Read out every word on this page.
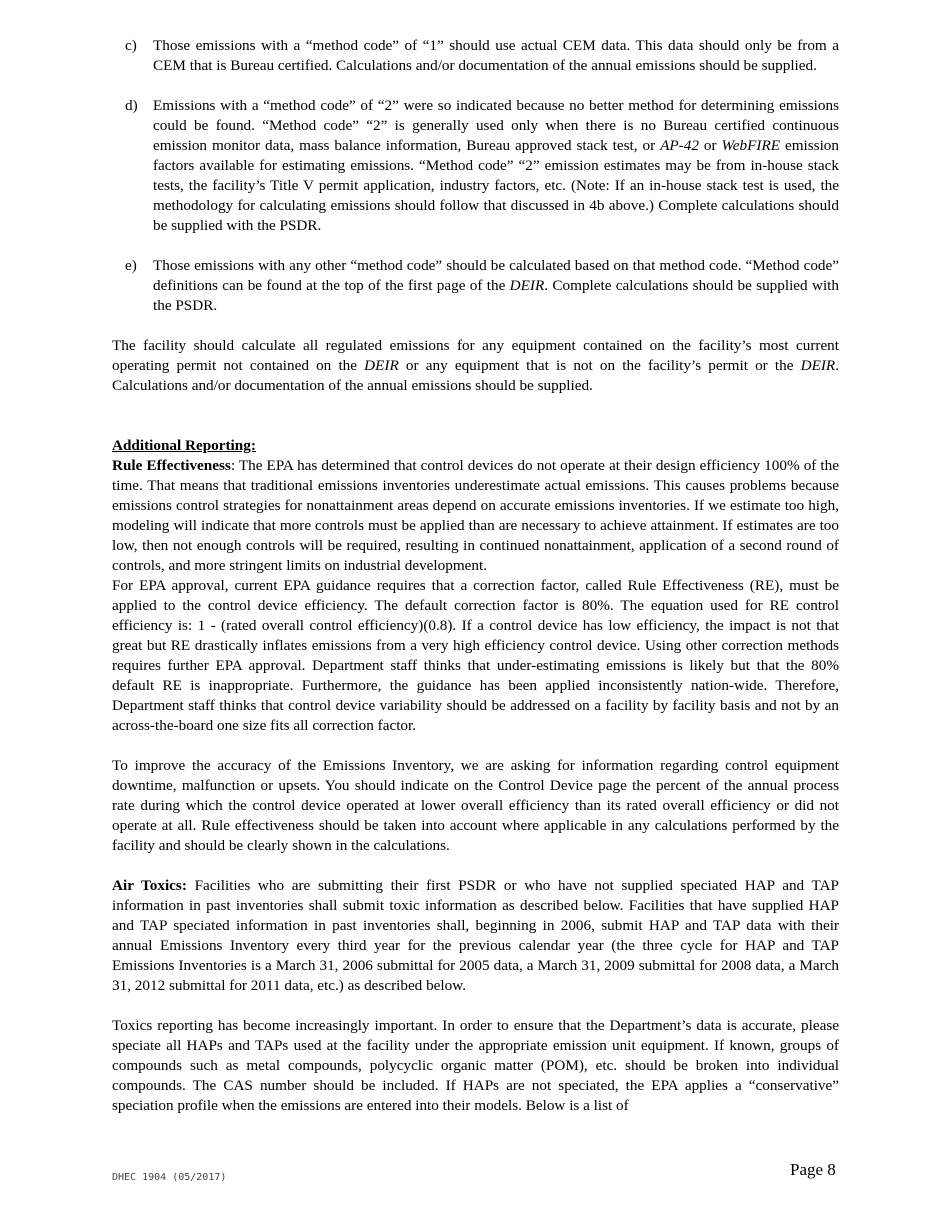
c)	Those emissions with a “method code” of “1” should use actual CEM data. This data should only be from a CEM that is Bureau certified. Calculations and/or documentation of the annual emissions should be supplied.
d)	Emissions with a “method code” of “2” were so indicated because no better method for determining emissions could be found. “Method code” “2” is generally used only when there is no Bureau certified continuous emission monitor data, mass balance information, Bureau approved stack test, or AP-42 or WebFIRE emission factors available for estimating emissions. “Method code” “2” emission estimates may be from in-house stack tests, the facility’s Title V permit application, industry factors, etc. (Note: If an in-house stack test is used, the methodology for calculating emissions should follow that discussed in 4b above.) Complete calculations should be supplied with the PSDR.
e)	Those emissions with any other “method code” should be calculated based on that method code. “Method code” definitions can be found at the top of the first page of the DEIR. Complete calculations should be supplied with the PSDR.

The facility should calculate all regulated emissions for any equipment contained on the facility’s most current operating permit not contained on the DEIR or any equipment that is not on the facility’s permit or the DEIR. Calculations and/or documentation of the annual emissions should be supplied.

Additional Reporting:

Rule Effectiveness: The EPA has determined that control devices do not operate at their design efficiency 100% of the time. That means that traditional emissions inventories underestimate actual emissions. This causes problems because emissions control strategies for nonattainment areas depend on accurate emissions inventories. If we estimate too high, modeling will indicate that more controls must be applied than are necessary to achieve attainment. If estimates are too low, then not enough controls will be required, resulting in continued nonattainment, application of a second round of controls, and more stringent limits on industrial development.

For EPA approval, current EPA guidance requires that a correction factor, called Rule Effectiveness (RE), must be applied to the control device efficiency. The default correction factor is 80%. The equation used for RE control efficiency is: 1 - (rated overall control efficiency)(0.8). If a control device has low efficiency, the impact is not that great but RE drastically inflates emissions from a very high efficiency control device. Using other correction methods requires further EPA approval. Department staff thinks that under-estimating emissions is likely but that the 80% default RE is inappropriate. Furthermore, the guidance has been applied inconsistently nation-wide. Therefore, Department staff thinks that control device variability should be addressed on a facility by facility basis and not by an across-the-board one size fits all correction factor.

To improve the accuracy of the Emissions Inventory, we are asking for information regarding control equipment downtime, malfunction or upsets. You should indicate on the Control Device page the percent of the annual process rate during which the control device operated at lower overall efficiency than its rated overall efficiency or did not operate at all. Rule effectiveness should be taken into account where applicable in any calculations performed by the facility and should be clearly shown in the calculations.

Air Toxics: Facilities who are submitting their first PSDR or who have not supplied speciated HAP and TAP information in past inventories shall submit toxic information as described below. Facilities that have supplied HAP and TAP speciated information in past inventories shall, beginning in 2006, submit HAP and TAP data with their annual Emissions Inventory every third year for the previous calendar year (the three cycle for HAP and TAP Emissions Inventories is a March 31, 2006 submittal for 2005 data, a March 31, 2009 submittal for 2008 data, a March 31, 2012 submittal for 2011 data, etc.) as described below.

Toxics reporting has become increasingly important. In order to ensure that the Department’s data is accurate, please speciate all HAPs and TAPs used at the facility under the appropriate emission unit equipment. If known, groups of compounds such as metal compounds, polycyclic organic matter (POM), etc. should be broken into individual compounds. The CAS number should be included. If HAPs are not speciated, the EPA applies a “conservative” speciation profile when the emissions are entered into their models. Below is a list of

DHEC 1904 (05/2017)	Page 8
